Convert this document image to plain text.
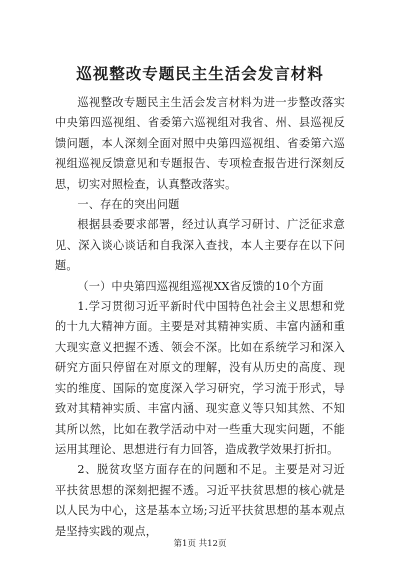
巡视整改专题民主生活会发言材料

巡视整改专题民主生活会发言材料为进一步整改落实中央第四巡视组、省委第六巡视组对我省、州、县巡视反馈问题，本人深刻全面对照中央第四巡视组、省委第六巡视组巡视反馈意见和专题报告、专项检查报告进行深刻反思，切实对照检查，认真整改落实。

一、存在的突出问题

根据县委要求部署，经过认真学习研讨、广泛征求意见、深入谈心谈话和自我深入查找，本人主要存在以下问题。

（一）中央第四巡视组巡视XX省反馈的10个方面

1.学习贯彻习近平新时代中国特色社会主义思想和党的十九大精神方面。主要是对其精神实质、丰富内涵和重大现实意义把握不透、领会不深。比如在系统学习和深入研究方面只停留在对原文的理解，没有从历史的高度、现实的维度、国际的宽度深入学习研究，学习流于形式，导致对其精神实质、丰富内涵、现实意义等只知其然、不知其所以然，比如在教学活动中对一些重大现实问题，不能运用其理论、思想进行有力回答，造成教学效果打折扣。

2、脱贫攻坚方面存在的问题和不足。主要是对习近平扶贫思想的深刻把握不透。习近平扶贫思想的核心就是以人民为中心，这是基本立场;习近平扶贫思想的基本观点是坚持实践的观点，

第1页 共12页
